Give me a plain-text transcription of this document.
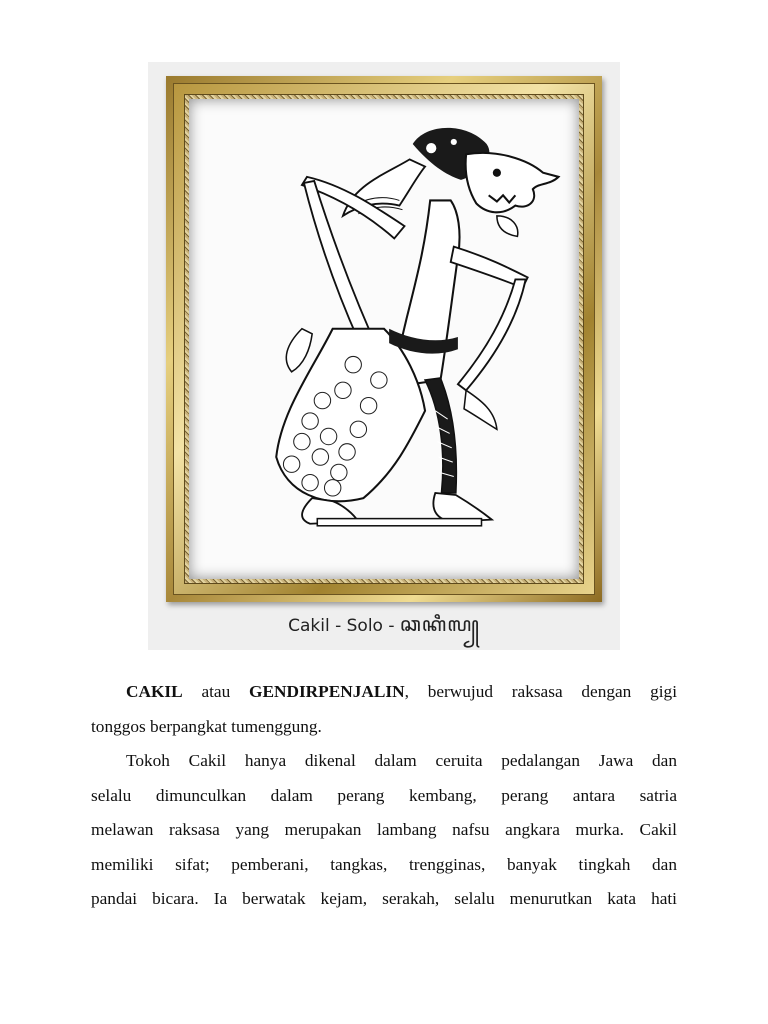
Cakil - Solo - ꦕꦏꦶꦭ꧀
CAKIL atau GENDIRPENJALIN, berwujud raksasa dengan gigi
tonggos berpangkat tumenggung.
Tokoh Cakil hanya dikenal dalam ceruita pedalangan Jawa dan
selalu dimunculkan dalam perang kembang, perang antara satria
melawan raksasa yang merupakan lambang nafsu angkara murka. Cakil
memiliki sifat; pemberani, tangkas, trengginas, banyak tingkah dan
pandai bicara. Ia berwatak kejam, serakah, selalu menurutkan kata hati
